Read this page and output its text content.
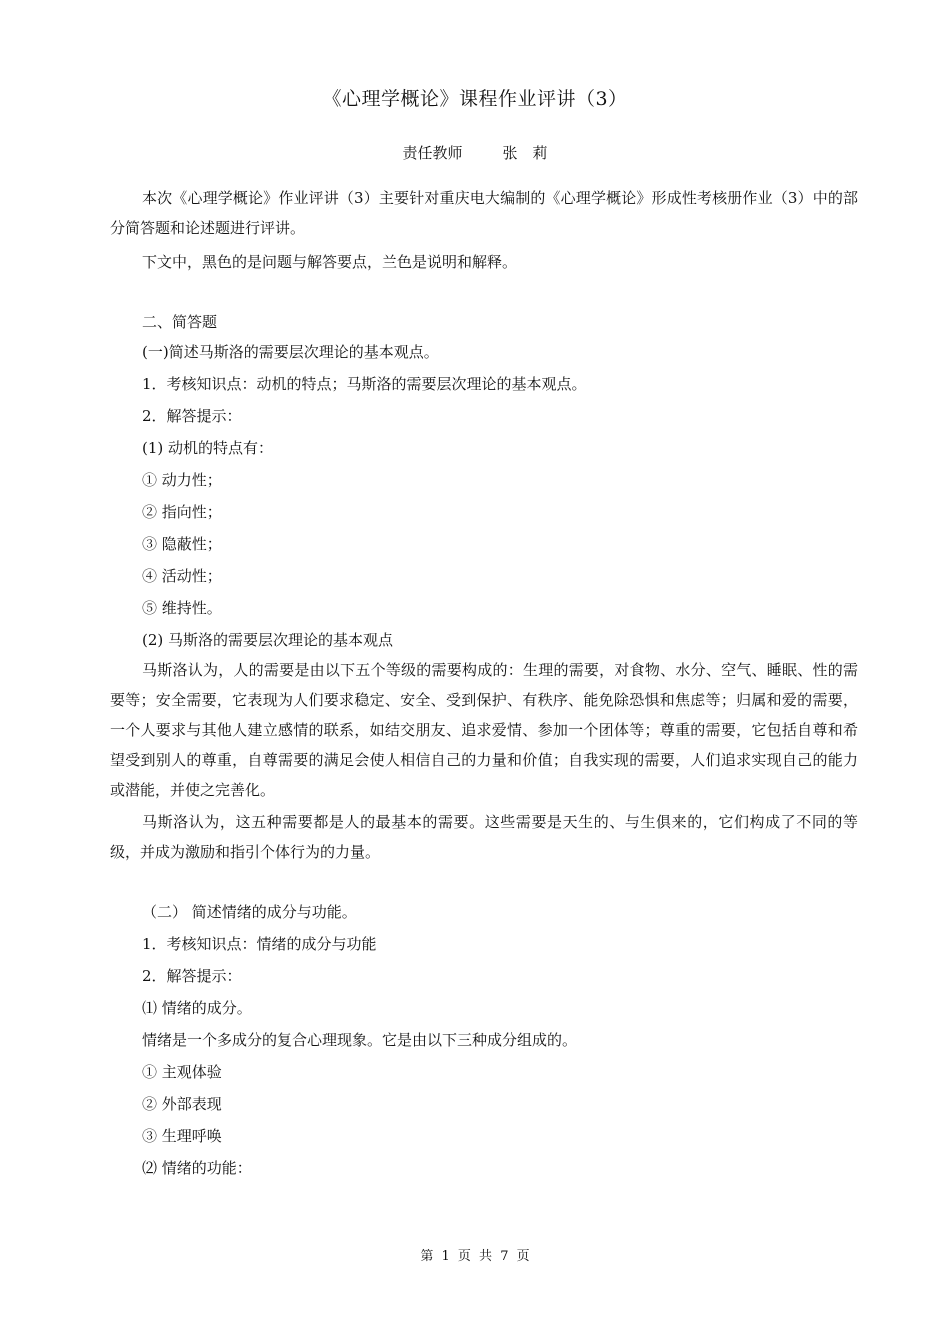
《心理学概论》课程作业评讲（3）
责任教师	张　莉

本次《心理学概论》作业评讲（3）主要针对重庆电大编制的《心理学概论》形成性考核册作业（3）中的部分简答题和论述题进行评讲。

下文中，黑色的是问题与解答要点，兰色是说明和解释。

二、简答题

(一)简述马斯洛的需要层次理论的基本观点。

1．考核知识点：动机的特点；马斯洛的需要层次理论的基本观点。

2．解答提示：

(1) 动机的特点有：

① 动力性；

② 指向性；

③ 隐蔽性；

④ 活动性；

⑤ 维持性。

(2) 马斯洛的需要层次理论的基本观点

马斯洛认为，人的需要是由以下五个等级的需要构成的：生理的需要，对食物、水分、空气、睡眠、性的需要等；安全需要，它表现为人们要求稳定、安全、受到保护、有秩序、能免除恐惧和焦虑等；归属和爱的需要，一个人要求与其他人建立感情的联系，如结交朋友、追求爱情、参加一个团体等；尊重的需要，它包括自尊和希望受到别人的尊重，自尊需要的满足会使人相信自己的力量和价值；自我实现的需要，人们追求实现自己的能力或潜能，并使之完善化。

马斯洛认为，这五种需要都是人的最基本的需要。这些需要是天生的、与生俱来的，它们构成了不同的等级，并成为激励和指引个体行为的力量。

（二） 简述情绪的成分与功能。

1．考核知识点：情绪的成分与功能

2．解答提示：

⑴ 情绪的成分。

情绪是一个多成分的复合心理现象。它是由以下三种成分组成的。

① 主观体验

② 外部表现

③ 生理呼唤

⑵ 情绪的功能：

第 1 页 共 7 页
